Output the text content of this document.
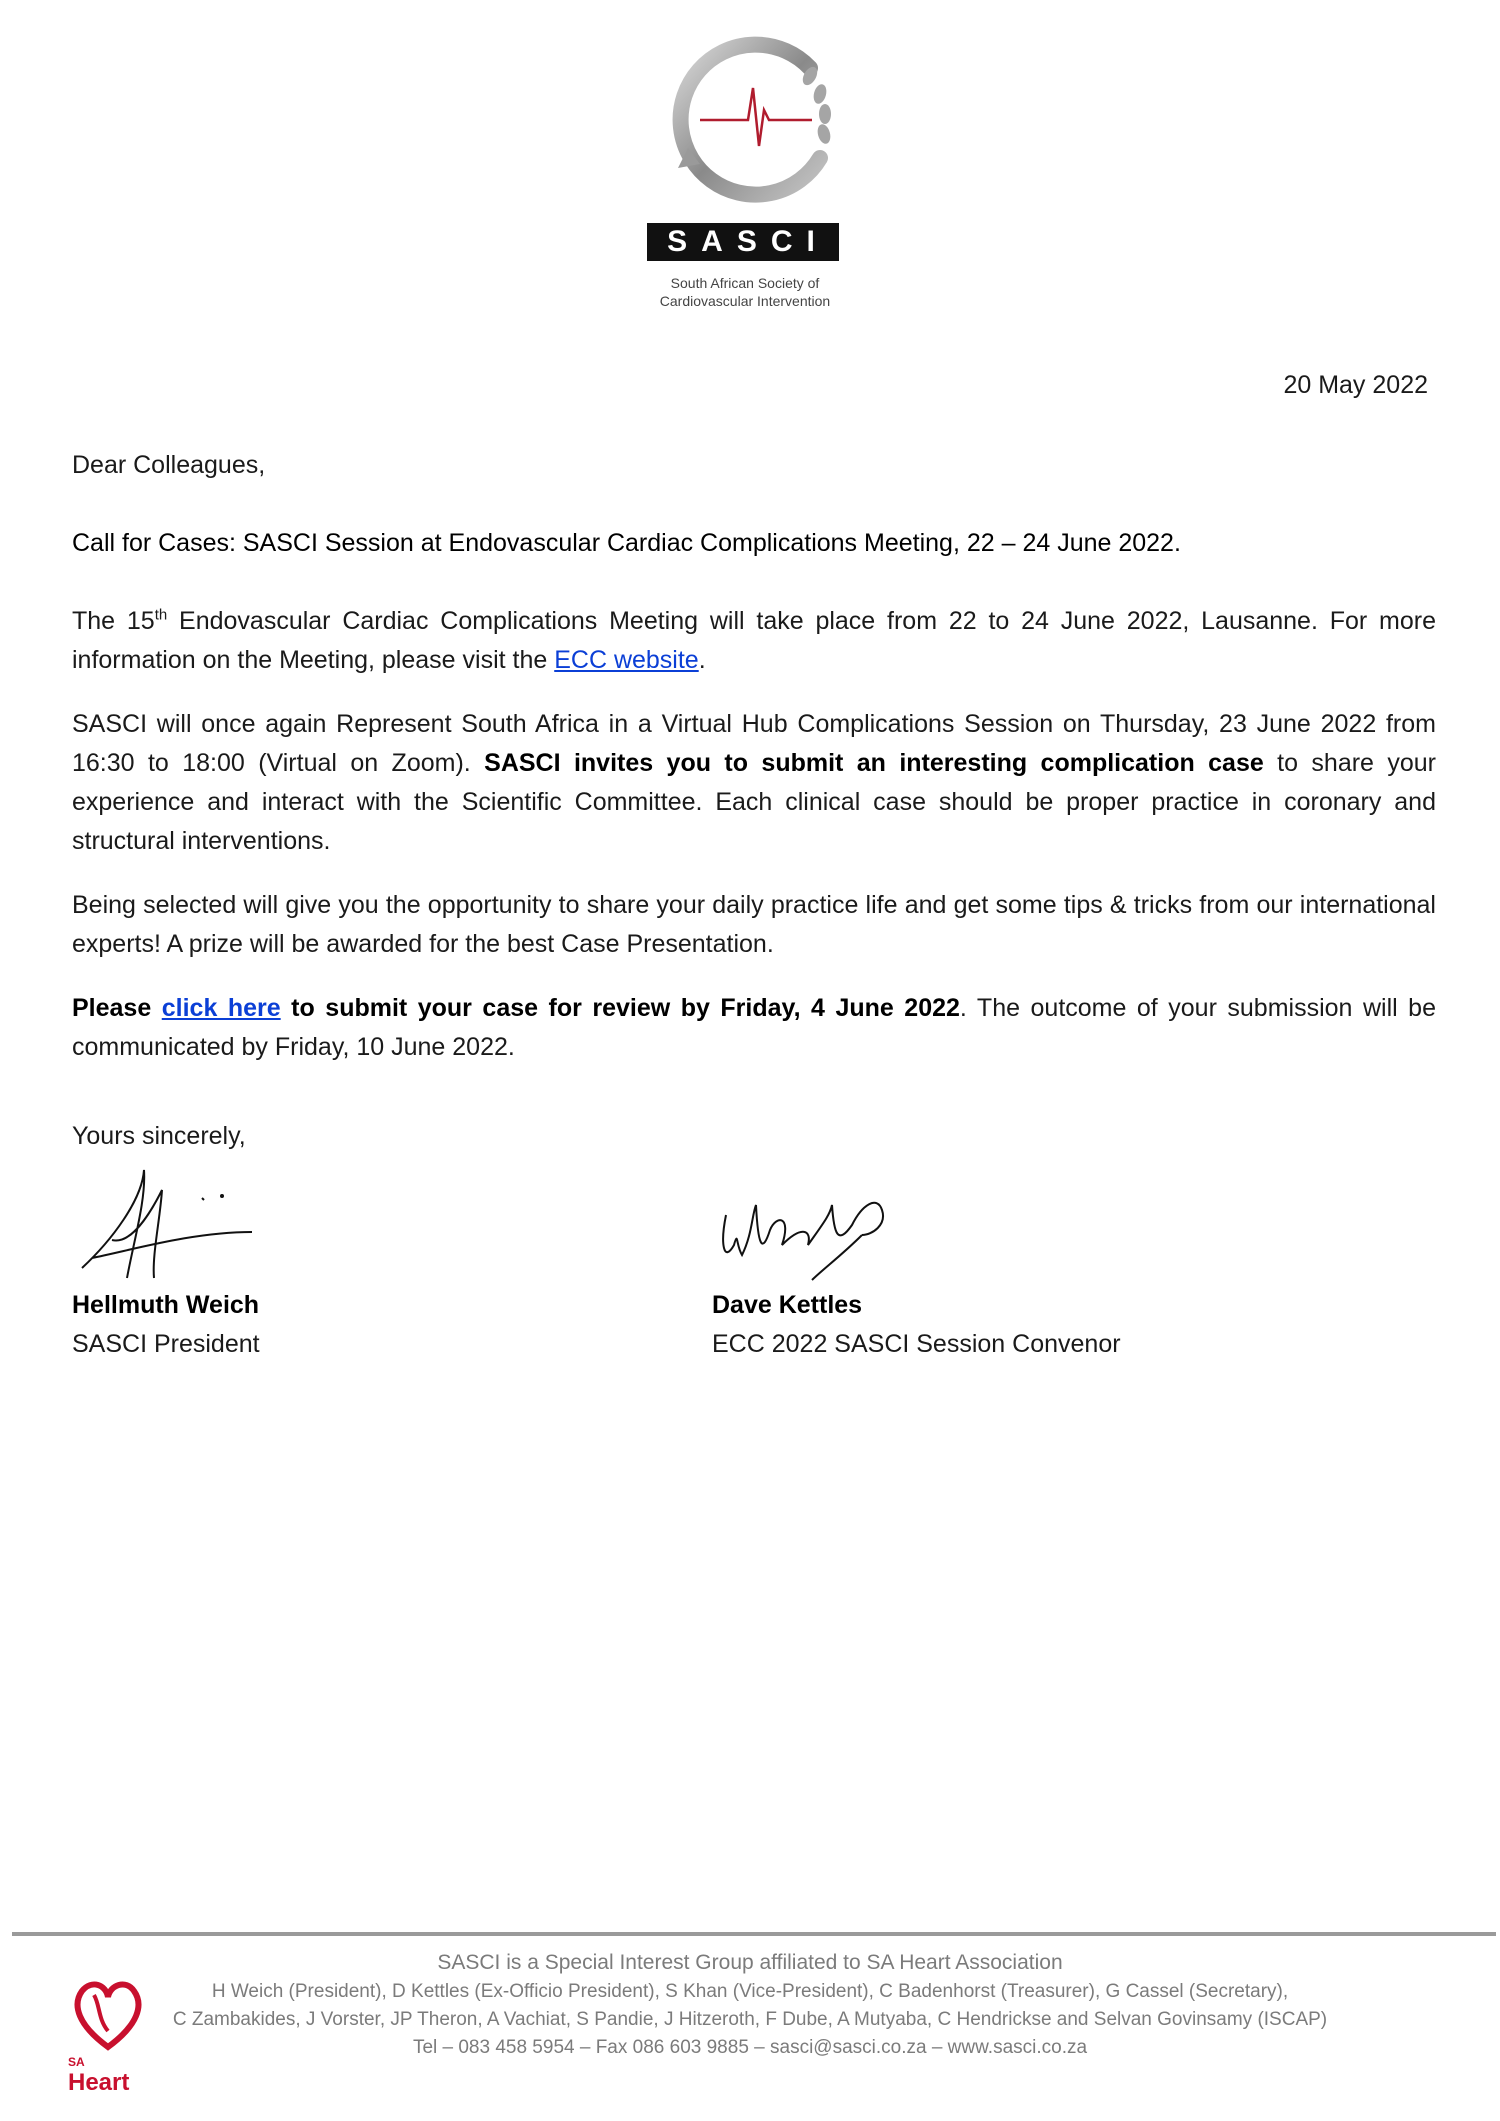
SASCI
South African Society of
Cardiovascular Intervention
20 May 2022

Dear Colleagues,

Call for Cases: SASCI Session at Endovascular Cardiac Complications Meeting, 22 – 24 June 2022.

The 15th Endovascular Cardiac Complications Meeting will take place from 22 to 24 June 2022, Lausanne. For more information on the Meeting, please visit the ECC website.

SASCI will once again Represent South Africa in a Virtual Hub Complications Session on Thursday, 23 June 2022 from 16:30 to 18:00 (Virtual on Zoom). SASCI invites you to submit an interesting complication case to share your experience and interact with the Scientific Committee. Each clinical case should be proper practice in coronary and structural interventions.

Being selected will give you the opportunity to share your daily practice life and get some tips & tricks from our international experts! A prize will be awarded for the best Case Presentation.

Please click here to submit your case for review by Friday, 4 June 2022. The outcome of your submission will be communicated by Friday, 10 June 2022.

Yours sincerely,
Hellmuth Weich
SASCI President
Dave Kettles
ECC 2022 SASCI Session Convenor
SASCI is a Special Interest Group affiliated to SA Heart Association
H Weich (President), D Kettles (Ex-Officio President), S Khan (Vice-President), C Badenhorst (Treasurer), G Cassel (Secretary),
C Zambakides, J Vorster, JP Theron, A Vachiat, S Pandie, J Hitzeroth, F Dube, A Mutyaba, C Hendrickse and Selvan Govinsamy (ISCAP)
Tel – 083 458 5954 – Fax 086 603 9885 – sasci@sasci.co.za – www.sasci.co.za
SA
Heart
